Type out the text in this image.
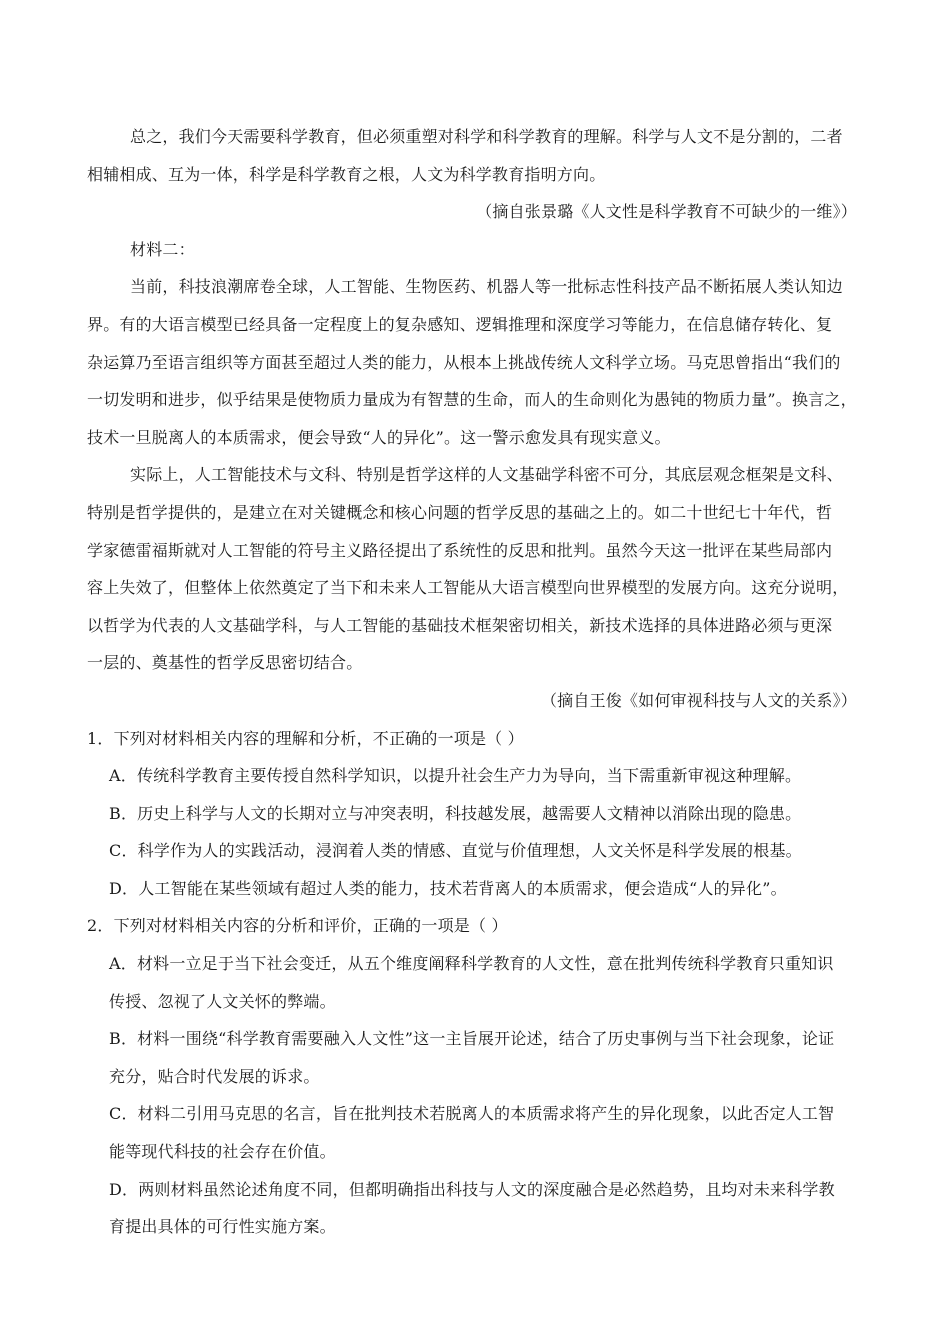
总之，我们今天需要科学教育，但必须重塑对科学和科学教育的理解。科学与人文不是分割的，二者
相辅相成、互为一体，科学是科学教育之根，人文为科学教育指明方向。
（摘自张景璐《人文性是科学教育不可缺少的一维》）
材料二：
当前，科技浪潮席卷全球，人工智能、生物医药、机器人等一批标志性科技产品不断拓展人类认知边
界。有的大语言模型已经具备一定程度上的复杂感知、逻辑推理和深度学习等能力，在信息储存转化、复
杂运算乃至语言组织等方面甚至超过人类的能力，从根本上挑战传统人文科学立场。马克思曾指出“我们的
一切发明和进步，似乎结果是使物质力量成为有智慧的生命，而人的生命则化为愚钝的物质力量”。换言之，
技术一旦脱离人的本质需求，便会导致“人的异化”。这一警示愈发具有现实意义。
实际上，人工智能技术与文科、特别是哲学这样的人文基础学科密不可分，其底层观念框架是文科、
特别是哲学提供的，是建立在对关键概念和核心问题的哲学反思的基础之上的。如二十世纪七十年代，哲
学家德雷福斯就对人工智能的符号主义路径提出了系统性的反思和批判。虽然今天这一批评在某些局部内
容上失效了，但整体上依然奠定了当下和未来人工智能从大语言模型向世界模型的发展方向。这充分说明，
以哲学为代表的人文基础学科，与人工智能的基础技术框架密切相关，新技术选择的具体进路必须与更深
一层的、奠基性的哲学反思密切结合。
（摘自王俊《如何审视科技与人文的关系》）
1．下列对材料相关内容的理解和分析，不正确的一项是（ ）
A．传统科学教育主要传授自然科学知识，以提升社会生产力为导向，当下需重新审视这种理解。
B．历史上科学与人文的长期对立与冲突表明，科技越发展，越需要人文精神以消除出现的隐患。
C．科学作为人的实践活动，浸润着人类的情感、直觉与价值理想，人文关怀是科学发展的根基。
D．人工智能在某些领域有超过人类的能力，技术若背离人的本质需求，便会造成“人的异化”。
2．下列对材料相关内容的分析和评价，正确的一项是（ ）
A．材料一立足于当下社会变迁，从五个维度阐释科学教育的人文性，意在批判传统科学教育只重知识
传授、忽视了人文关怀的弊端。
B．材料一围绕“科学教育需要融入人文性”这一主旨展开论述，结合了历史事例与当下社会现象，论证
充分，贴合时代发展的诉求。
C．材料二引用马克思的名言，旨在批判技术若脱离人的本质需求将产生的异化现象，以此否定人工智
能等现代科技的社会存在价值。
D．两则材料虽然论述角度不同，但都明确指出科技与人文的深度融合是必然趋势，且均对未来科学教
育提出具体的可行性实施方案。
